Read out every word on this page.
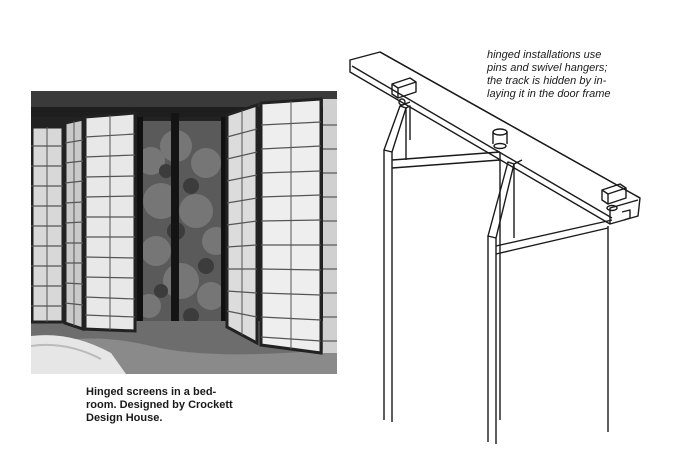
Hinged screens in a bed-
room. Designed by Crockett
Design House.
hinged installations use
pins and swivel hangers;
the track is hidden by in-
laying it in the door frame
